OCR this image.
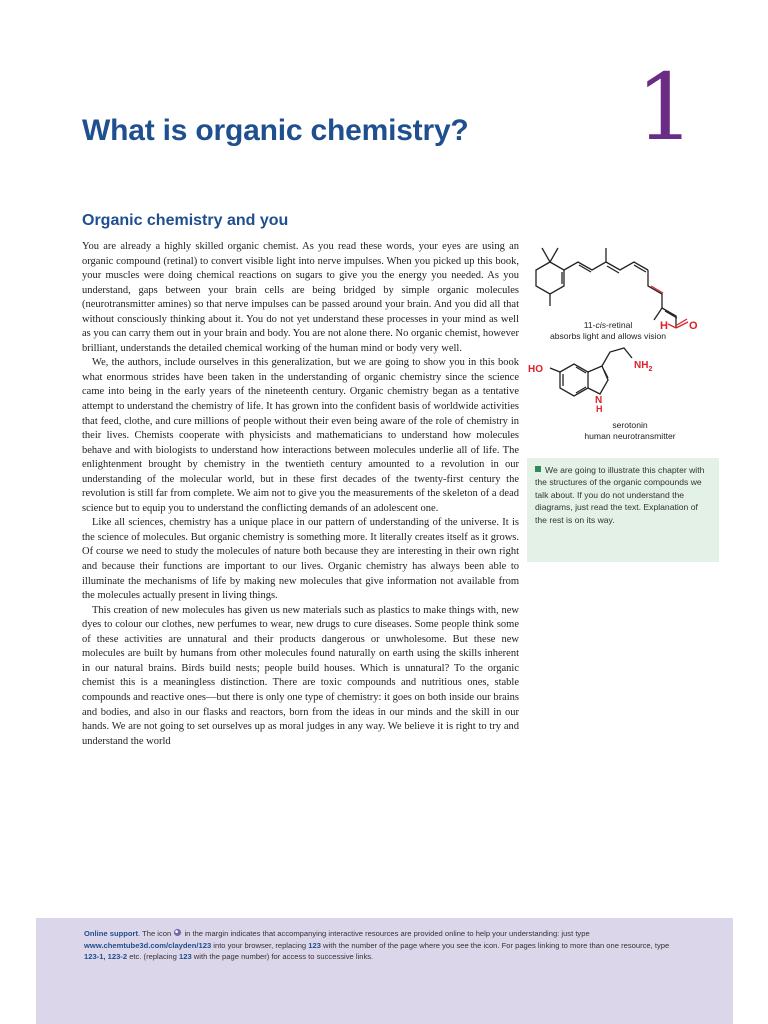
1
What is organic chemistry?
Organic chemistry and you

You are already a highly skilled organic chemist. As you read these words, your eyes are using an organic compound (retinal) to convert visible light into nerve impulses. When you picked up this book, your muscles were doing chemical reactions on sugars to give you the energy you needed. As you understand, gaps between your brain cells are being bridged by simple organic molecules (neurotransmitter amines) so that nerve impulses can be passed around your brain. And you did all that without consciously thinking about it. You do not yet understand these processes in your mind as well as you can carry them out in your brain and body. You are not alone there. No organic chemist, however brilliant, understands the detailed chemical working of the human mind or body very well.

We, the authors, include ourselves in this generalization, but we are going to show you in this book what enormous strides have been taken in the understanding of organic chemistry since the science came into being in the early years of the nineteenth century. Organic chemistry began as a tentative attempt to understand the chemistry of life. It has grown into the confident basis of worldwide activities that feed, clothe, and cure millions of people without their even being aware of the role of chemistry in their lives. Chemists cooperate with physicists and mathematicians to understand how molecules behave and with biologists to understand how interactions between molecules underlie all of life. The enlightenment brought by chemistry in the twentieth century amounted to a revolution in our understanding of the molecular world, but in these first decades of the twenty-first century the revolution is still far from complete. We aim not to give you the measurements of the skeleton of a dead science but to equip you to understand the conflicting demands of an adolescent one.

Like all sciences, chemistry has a unique place in our pattern of understanding of the universe. It is the science of molecules. But organic chemistry is something more. It literally creates itself as it grows. Of course we need to study the molecules of nature both because they are interesting in their own right and because their functions are important to our lives. Organic chemistry has always been able to illuminate the mechanisms of life by making new molecules that give information not available from the molecules actually present in living things.

This creation of new molecules has given us new materials such as plastics to make things with, new dyes to colour our clothes, new perfumes to wear, new drugs to cure diseases. Some people think some of these activities are unnatural and their products dangerous or unwholesome. But these new molecules are built by humans from other molecules found naturally on earth using the skills inherent in our natural brains. Birds build nests; people build houses. Which is unnatural? To the organic chemist this is a meaningless distinction. There are toxic compounds and nutritious ones, stable compounds and reactive ones—but there is only one type of chemistry: it goes on both inside our brains and bodies, and also in our flasks and reactors, born from the ideas in our minds and the skill in our hands. We are not going to set ourselves up as moral judges in any way. We believe it is right to try and understand the world

H O
HO	$NH_2$
N
H
11-cis-retinal
absorbs light and allows vision
serotonin
human neurotransmitter
We are going to illustrate this chapter with the structures of the organic compounds we talk about. If you do not understand the diagrams, just read the text. Explanation of the rest is on its way.
Online support. The icon  in the margin indicates that accompanying interactive resources are provided online to help your understanding: just type www.chemtube3d.com/clayden/123 into your browser, replacing 123 with the number of the page where you see the icon. For pages linking to more than one resource, type 123-1, 123-2 etc. (replacing 123 with the page number) for access to successive links.
